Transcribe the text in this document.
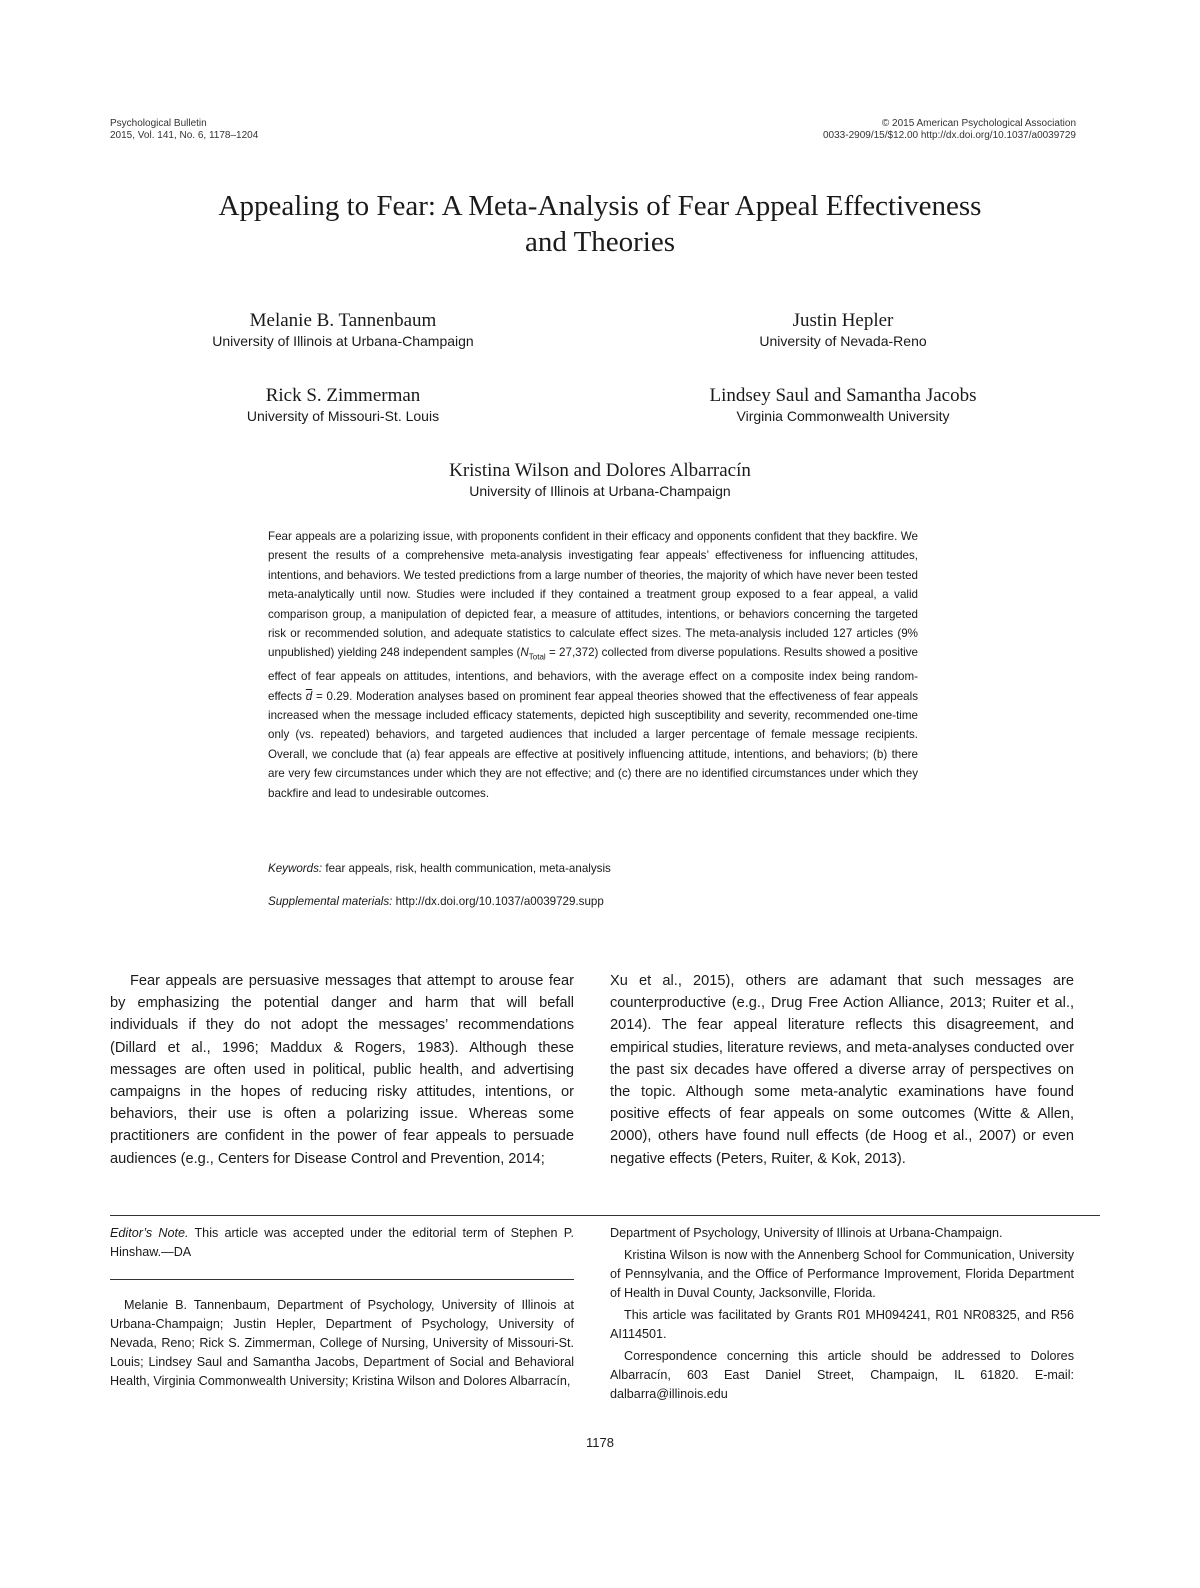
Psychological Bulletin
2015, Vol. 141, No. 6, 1178–1204
© 2015 American Psychological Association
0033-2909/15/$12.00 http://dx.doi.org/10.1037/a0039729
Appealing to Fear: A Meta-Analysis of Fear Appeal Effectiveness
and Theories
Melanie B. Tannenbaum
University of Illinois at Urbana-Champaign
Justin Hepler
University of Nevada-Reno
Rick S. Zimmerman
University of Missouri-St. Louis
Lindsey Saul and Samantha Jacobs
Virginia Commonwealth University
Kristina Wilson and Dolores Albarracín
University of Illinois at Urbana-Champaign
Fear appeals are a polarizing issue, with proponents confident in their efficacy and opponents confident that they backfire. We present the results of a comprehensive meta-analysis investigating fear appeals’ effectiveness for influencing attitudes, intentions, and behaviors. We tested predictions from a large number of theories, the majority of which have never been tested meta-analytically until now. Studies were included if they contained a treatment group exposed to a fear appeal, a valid comparison group, a manipulation of depicted fear, a measure of attitudes, intentions, or behaviors concerning the targeted risk or recommended solution, and adequate statistics to calculate effect sizes. The meta-analysis included 127 articles (9% unpublished) yielding 248 independent samples $(N_{Total} = 27,372)$ collected from diverse populations. Results showed a positive effect of fear appeals on attitudes, intentions, and behaviors, with the average effect on a composite index being random-effects $\overline{d} = 0.29$. Moderation analyses based on prominent fear appeal theories showed that the effectiveness of fear appeals increased when the message included efficacy statements, depicted high susceptibility and severity, recommended one-time only (vs. repeated) behaviors, and targeted audiences that included a larger percentage of female message recipients. Overall, we conclude that (a) fear appeals are effective at positively influencing attitude, intentions, and behaviors; (b) there are very few circumstances under which they are not effective; and (c) there are no identified circumstances under which they backfire and lead to undesirable outcomes.
Keywords: fear appeals, risk, health communication, meta-analysis
Supplemental materials: http://dx.doi.org/10.1037/a0039729.supp
Fear appeals are persuasive messages that attempt to arouse fear by emphasizing the potential danger and harm that will befall individuals if they do not adopt the messages’ recommendations (Dillard et al., 1996; Maddux & Rogers, 1983). Although these messages are often used in political, public health, and advertising campaigns in the hopes of reducing risky attitudes, intentions, or behaviors, their use is often a polarizing issue. Whereas some practitioners are confident in the power of fear appeals to persuade audiences (e.g., Centers for Disease Control and Prevention, 2014;
Xu et al., 2015), others are adamant that such messages are counterproductive (e.g., Drug Free Action Alliance, 2013; Ruiter et al., 2014). The fear appeal literature reflects this disagreement, and empirical studies, literature reviews, and meta-analyses conducted over the past six decades have offered a diverse array of perspectives on the topic. Although some meta-analytic examinations have found positive effects of fear appeals on some outcomes (Witte & Allen, 2000), others have found null effects (de Hoog et al., 2007) or even negative effects (Peters, Ruiter, & Kok, 2013).

Editor’s Note. This article was accepted under the editorial term of Stephen P. Hinshaw.—DA

Melanie B. Tannenbaum, Department of Psychology, University of Illinois at Urbana-Champaign; Justin Hepler, Department of Psychology, University of Nevada, Reno; Rick S. Zimmerman, College of Nursing, University of Missouri-St. Louis; Lindsey Saul and Samantha Jacobs, Department of Social and Behavioral Health, Virginia Commonwealth University; Kristina Wilson and Dolores Albarracín,

Department of Psychology, University of Illinois at Urbana-Champaign.

Kristina Wilson is now with the Annenberg School for Communication, University of Pennsylvania, and the Office of Performance Improvement, Florida Department of Health in Duval County, Jacksonville, Florida.

This article was facilitated by Grants R01 MH094241, R01 NR08325, and R56 AI114501.

Correspondence concerning this article should be addressed to Dolores Albarracín, 603 East Daniel Street, Champaign, IL 61820. E-mail: dalbarra@illinois.edu

1178
